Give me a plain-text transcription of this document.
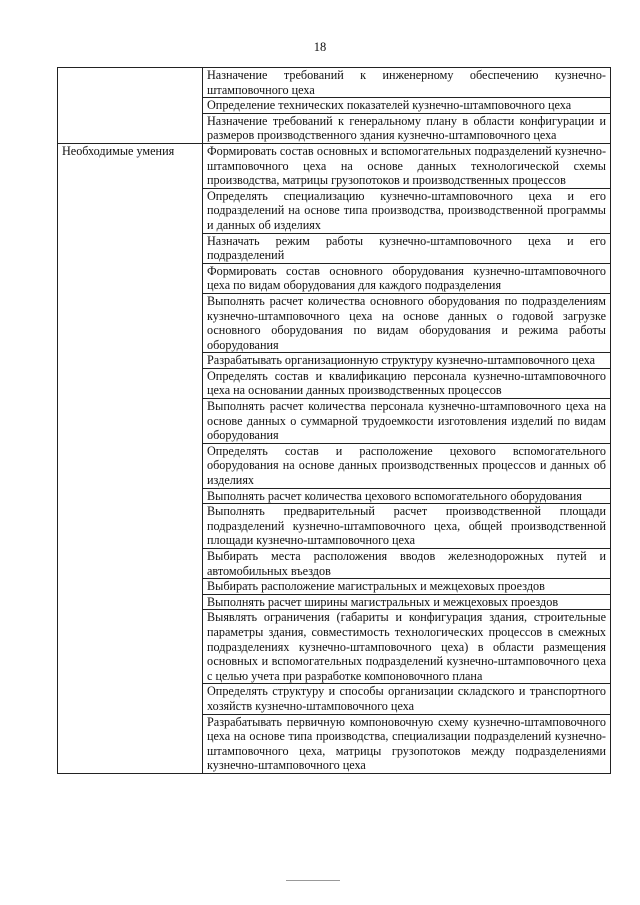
18
	Назначение требований к инженерному обеспечению кузнечно-штамповочного цеха
	Определение технических показателей кузнечно-штамповочного цеха
	Назначение требований к генеральному плану в области конфигурации и размеров производственного здания кузнечно-штамповочного цеха
Необходимые умения	Формировать состав основных и вспомогательных подразделений кузнечно-штамповочного цеха на основе данных технологической схемы производства, матрицы грузопотоков и производственных процессов
	Определять специализацию кузнечно-штамповочного цеха и его подразделений на основе типа производства, производственной программы и данных об изделиях
	Назначать режим работы кузнечно-штамповочного цеха и его подразделений
	Формировать состав основного оборудования кузнечно-штамповочного цеха по видам оборудования для каждого подразделения
	Выполнять расчет количества основного оборудования по подразделениям кузнечно-штамповочного цеха на основе данных о годовой загрузке основного оборудования по видам оборудования и режима работы оборудования
	Разрабатывать организационную структуру кузнечно-штамповочного цеха
	Определять состав и квалификацию персонала кузнечно-штамповочного цеха на основании данных производственных процессов
	Выполнять расчет количества персонала кузнечно-штамповочного цеха на основе данных о суммарной трудоемкости изготовления изделий по видам оборудования
	Определять состав и расположение цехового вспомогательного оборудования на основе данных производственных процессов и данных об изделиях
	Выполнять расчет количества цехового вспомогательного оборудования
	Выполнять предварительный расчет производственной площади подразделений кузнечно-штамповочного цеха, общей производственной площади кузнечно-штамповочного цеха
	Выбирать места расположения вводов железнодорожных путей и автомобильных въездов
	Выбирать расположение магистральных и межцеховых проездов
	Выполнять расчет ширины магистральных и межцеховых проездов
	Выявлять ограничения (габариты и конфигурация здания, строительные параметры здания, совместимость технологических процессов в смежных подразделениях кузнечно-штамповочного цеха) в области размещения основных и вспомогательных подразделений кузнечно-штамповочного цеха с целью учета при разработке компоновочного плана
	Определять структуру и способы организации складского и транспортного хозяйств кузнечно-штамповочного цеха
	Разрабатывать первичную компоновочную схему кузнечно-штамповочного цеха на основе типа производства, специализации подразделений кузнечно-штамповочного цеха, матрицы грузопотоков между подразделениями кузнечно-штамповочного цеха
